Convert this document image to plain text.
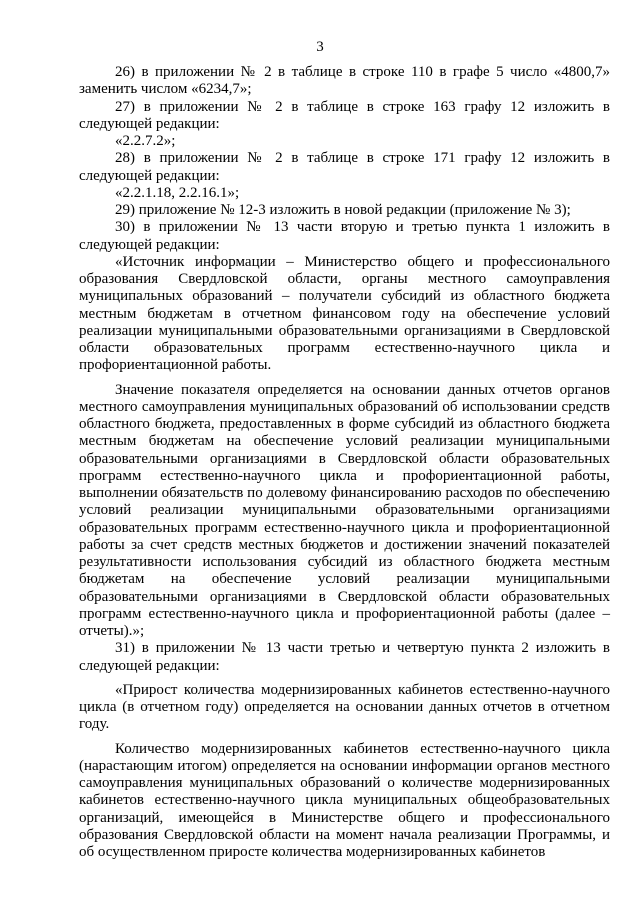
3

26) в приложении № 2 в таблице в строке 110 в графе 5 число «4800,7» заменить числом «6234,7»;

27) в приложении № 2 в таблице в строке 163 графу 12 изложить в следующей редакции:

«2.2.7.2»;

28) в приложении № 2 в таблице в строке 171 графу 12 изложить в следующей редакции:

«2.2.1.18, 2.2.16.1»;

29) приложение № 12-3 изложить в новой редакции (приложение № 3);

30) в приложении № 13 части вторую и третью пункта 1 изложить в следующей редакции:

«Источник информации – Министерство общего и профессионального образования Свердловской области, органы местного самоуправления муниципальных образований – получатели субсидий из областного бюджета местным бюджетам в отчетном финансовом году на обеспечение условий реализации муниципальными образовательными организациями в Свердловской области образовательных программ естественно-научного цикла и профориентационной работы.

Значение показателя определяется на основании данных отчетов органов местного самоуправления муниципальных образований об использовании средств областного бюджета, предоставленных в форме субсидий из областного бюджета местным бюджетам на обеспечение условий реализации муниципальными образовательными организациями в Свердловской области образовательных программ естественно-научного цикла и профориентационной работы, выполнении обязательств по долевому финансированию расходов по обеспечению условий реализации муниципальными образовательными организациями образовательных программ естественно-научного цикла и профориентационной работы за счет средств местных бюджетов и достижении значений показателей результативности использования субсидий из областного бюджета местным бюджетам на обеспечение условий реализации муниципальными образовательными организациями в Свердловской области образовательных программ естественно-научного цикла и профориентационной работы (далее – отчеты).»;

31) в приложении № 13 части третью и четвертую пункта 2 изложить в следующей редакции:

«Прирост количества модернизированных кабинетов естественно-научного цикла (в отчетном году) определяется на основании данных отчетов в отчетном году.

Количество модернизированных кабинетов естественно-научного цикла (нарастающим итогом) определяется на основании информации органов местного самоуправления муниципальных образований о количестве модернизированных кабинетов естественно-научного цикла муниципальных общеобразовательных организаций, имеющейся в Министерстве общего и профессионального образования Свердловской области на момент начала реализации Программы, и об осуществленном приросте количества модернизированных кабинетов
